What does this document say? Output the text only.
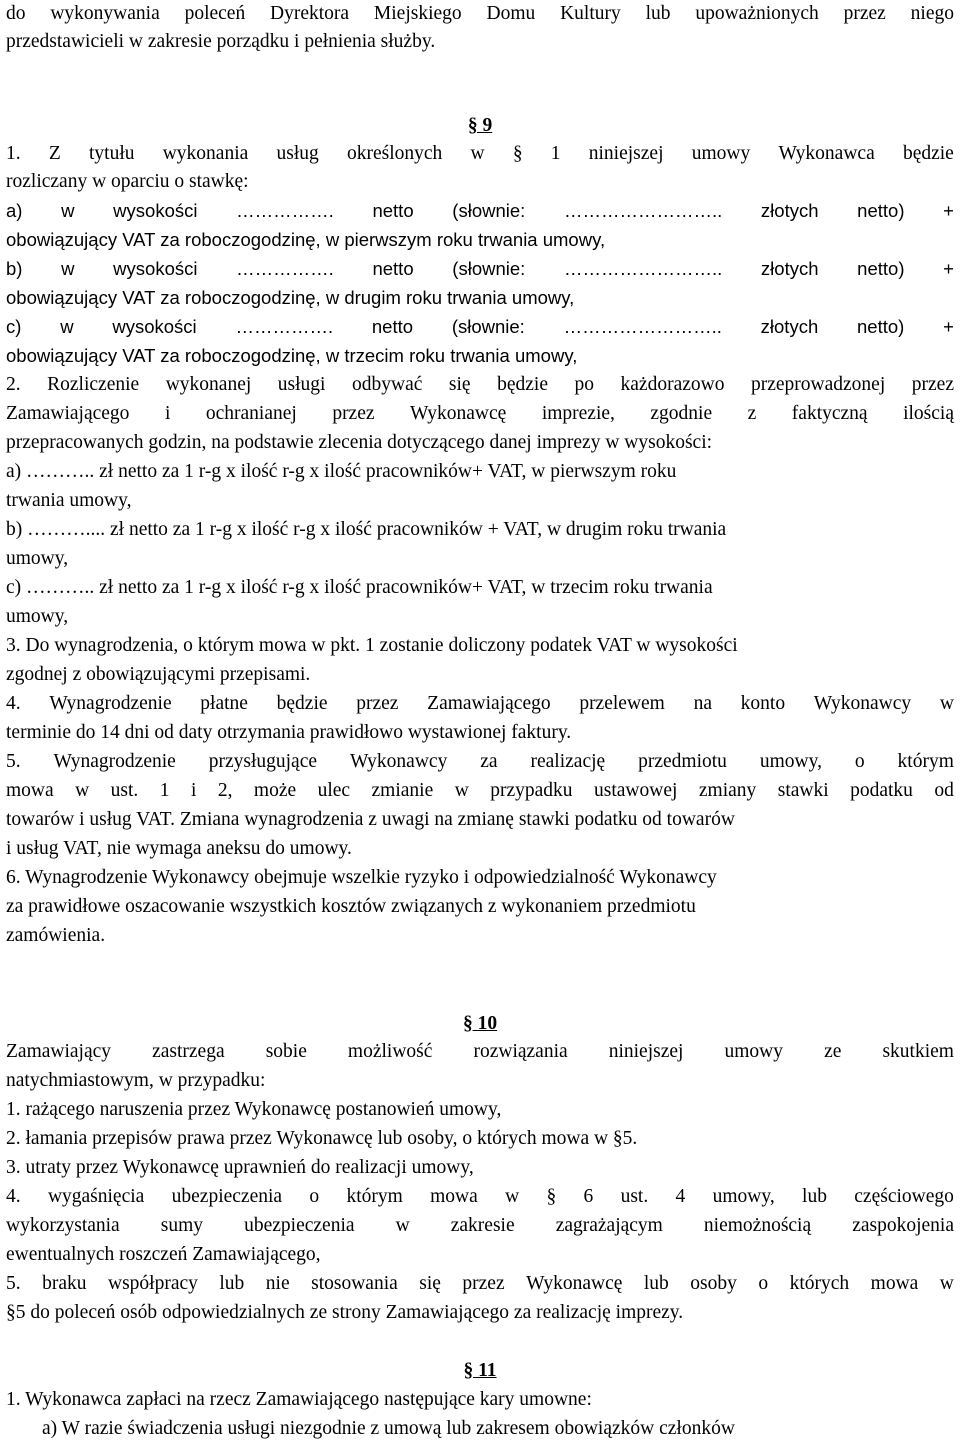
do wykonywania poleceń Dyrektora Miejskiego Domu Kultury lub upoważnionych przez niego
przedstawicieli w zakresie porządku i pełnienia służby.
§ 9
1. Z tytułu wykonania usług określonych w § 1 niniejszej umowy Wykonawca będzie
rozliczany w oparciu o stawkę:
a) w wysokości ……………. netto (słownie: …………………….. złotych netto) +
obowiązujący VAT za roboczogodzinę, w pierwszym roku trwania umowy,
b) w wysokości ……………. netto (słownie: …………………….. złotych netto) +
obowiązujący VAT za roboczogodzinę, w drugim roku trwania umowy,
c) w wysokości ……………. netto (słownie: …………………….. złotych netto) +
obowiązujący VAT za roboczogodzinę, w trzecim roku trwania umowy,
2. Rozliczenie wykonanej usługi odbywać się będzie po każdorazowo przeprowadzonej przez
Zamawiającego i ochranianej przez Wykonawcę imprezie, zgodnie z faktyczną ilością
przepracowanych godzin, na podstawie zlecenia dotyczącego danej imprezy w wysokości:
a) ……….. zł netto za 1 r-g x ilość r-g x ilość pracowników+ VAT, w pierwszym roku
trwania umowy,
b) ……….... zł netto za 1 r-g x ilość r-g x ilość pracowników + VAT, w drugim roku trwania
umowy,
c) ……….. zł netto za 1 r-g x ilość r-g x ilość pracowników+ VAT, w trzecim roku trwania
umowy,
3. Do wynagrodzenia, o którym mowa w pkt. 1 zostanie doliczony podatek VAT w wysokości
zgodnej z obowiązującymi przepisami.
4. Wynagrodzenie płatne będzie przez Zamawiającego przelewem na konto Wykonawcy w
terminie do 14 dni od daty otrzymania prawidłowo wystawionej faktury.
5. Wynagrodzenie przysługujące Wykonawcy za realizację przedmiotu umowy, o którym
mowa w ust. 1 i 2, może ulec zmianie w przypadku ustawowej zmiany stawki podatku od
towarów i usług VAT. Zmiana wynagrodzenia z uwagi na zmianę stawki podatku od towarów
i usług VAT, nie wymaga aneksu do umowy.
6. Wynagrodzenie Wykonawcy obejmuje wszelkie ryzyko i odpowiedzialność Wykonawcy
za prawidłowe oszacowanie wszystkich kosztów związanych z wykonaniem przedmiotu
zamówienia.
§ 10
Zamawiający zastrzega sobie możliwość rozwiązania niniejszej umowy ze skutkiem
natychmiastowym, w przypadku:
1. rażącego naruszenia przez Wykonawcę postanowień umowy,
2. łamania przepisów prawa przez Wykonawcę lub osoby, o których mowa w §5.
3. utraty przez Wykonawcę uprawnień do realizacji umowy,
4. wygaśnięcia ubezpieczenia o którym mowa w § 6 ust. 4 umowy, lub częściowego
wykorzystania sumy ubezpieczenia w zakresie zagrażającym niemożnością zaspokojenia
ewentualnych roszczeń Zamawiającego,
5. braku współpracy lub nie stosowania się przez Wykonawcę lub osoby o których mowa w
§5 do poleceń osób odpowiedzialnych ze strony Zamawiającego za realizację imprezy.
§ 11
1. Wykonawca zapłaci na rzecz Zamawiającego następujące kary umowne:
a) W razie świadczenia usługi niezgodnie z umową lub zakresem obowiązków członków
